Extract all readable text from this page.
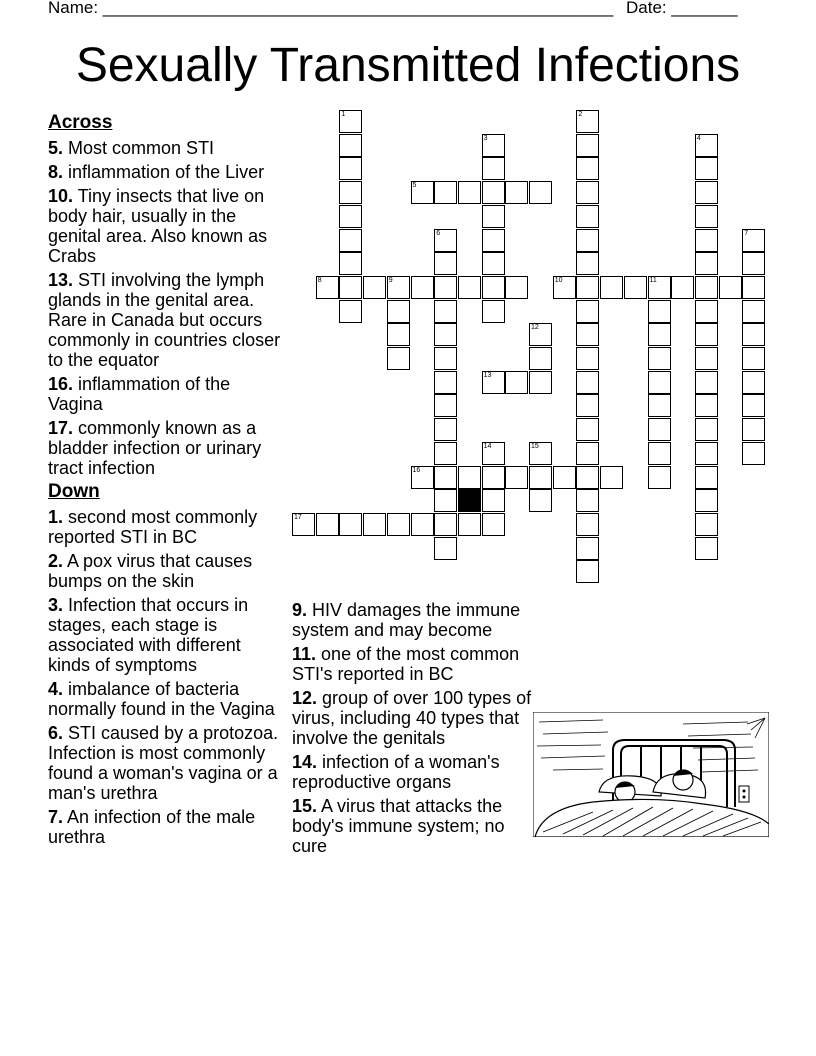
Name: ______________________________________________________ Date: _______
Sexually Transmitted Infections
Across
5. Most common STI
8. inflammation of the Liver
10. Tiny insects that live on body hair, usually in the genital area. Also known as Crabs
13. STI involving the lymph glands in the genital area. Rare in Canada but occurs commonly in countries closer to the equator
16. inflammation of the Vagina
17. commonly known as a bladder infection or urinary tract infection
Down
1. second most commonly reported STI in BC
2. A pox virus that causes bumps on the skin
3. Infection that occurs in stages, each stage is associated with different kinds of symptoms
4. imbalance of bacteria normally found in the Vagina
6. STI caused by a protozoa. Infection is most commonly found a woman's vagina or a man's urethra
7. An infection of the male urethra
9. HIV damages the immune system and may become
11. one of the most common STI's reported in BC
12. group of over 100 types of virus, including 40 types that involve the genitals
14. infection of a woman's reproductive organs
15. A virus that attacks the body's immune system; no cure
1	2
3	4
5
6	7
8	9	10	11
12
13
14	15
16
17
